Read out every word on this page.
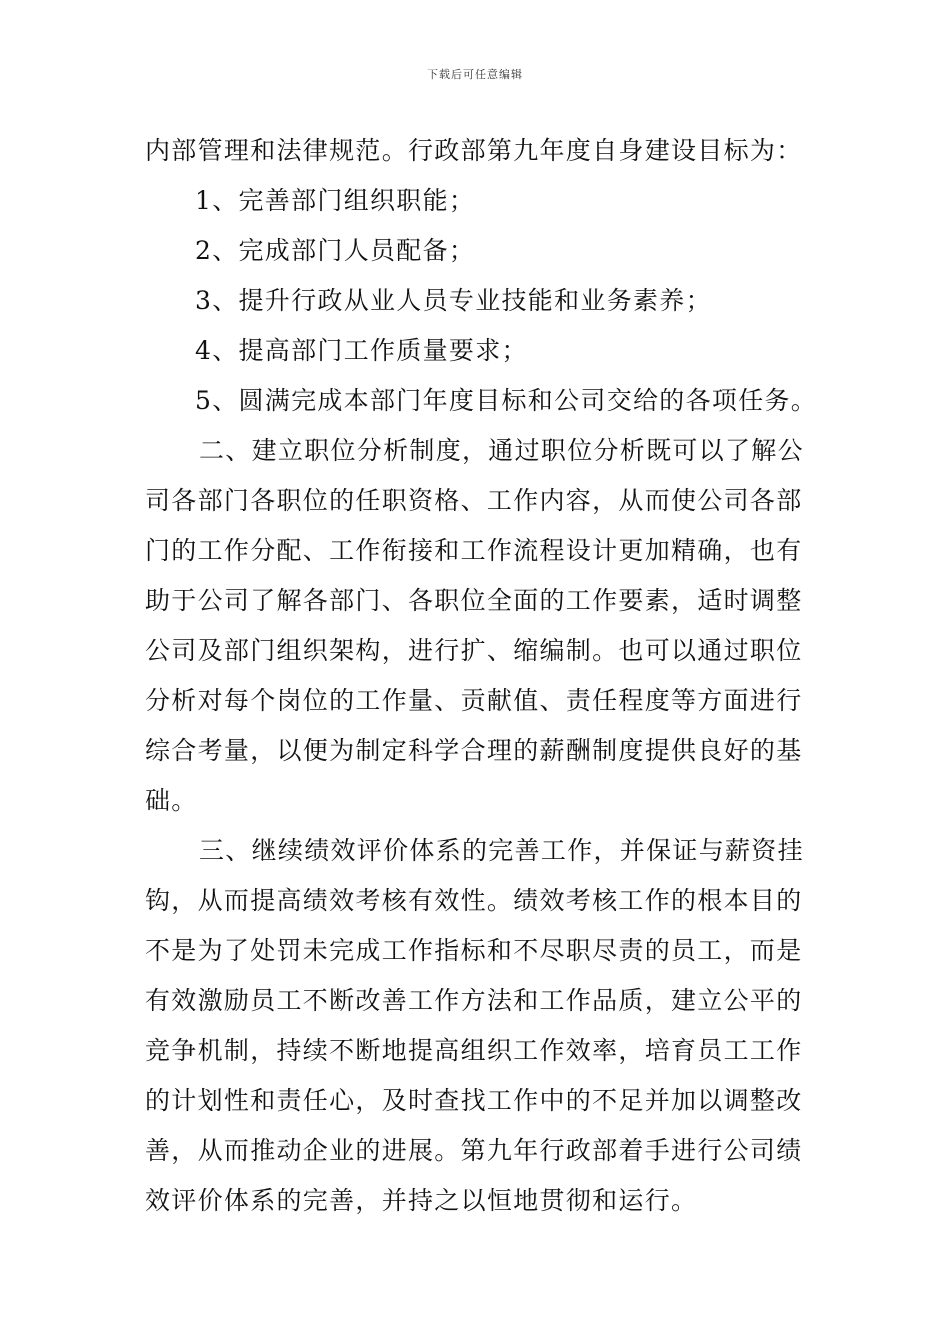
下载后可任意编辑
内部管理和法律规范。行政部第九年度自身建设目标为：
1、完善部门组织职能；
2、完成部门人员配备；
3、提升行政从业人员专业技能和业务素养；
4、提高部门工作质量要求；
5、圆满完成本部门年度目标和公司交给的各项任务。
二、建立职位分析制度，通过职位分析既可以了解公
司各部门各职位的任职资格、工作内容，从而使公司各部
门的工作分配、工作衔接和工作流程设计更加精确，也有
助于公司了解各部门、各职位全面的工作要素，适时调整
公司及部门组织架构，进行扩、缩编制。也可以通过职位
分析对每个岗位的工作量、贡献值、责任程度等方面进行
综合考量，以便为制定科学合理的薪酬制度提供良好的基
础。
三、继续绩效评价体系的完善工作，并保证与薪资挂
钩，从而提高绩效考核有效性。绩效考核工作的根本目的
不是为了处罚未完成工作指标和不尽职尽责的员工，而是
有效激励员工不断改善工作方法和工作品质，建立公平的
竞争机制，持续不断地提高组织工作效率，培育员工工作
的计划性和责任心，及时查找工作中的不足并加以调整改
善，从而推动企业的进展。第九年行政部着手进行公司绩
效评价体系的完善，并持之以恒地贯彻和运行。
